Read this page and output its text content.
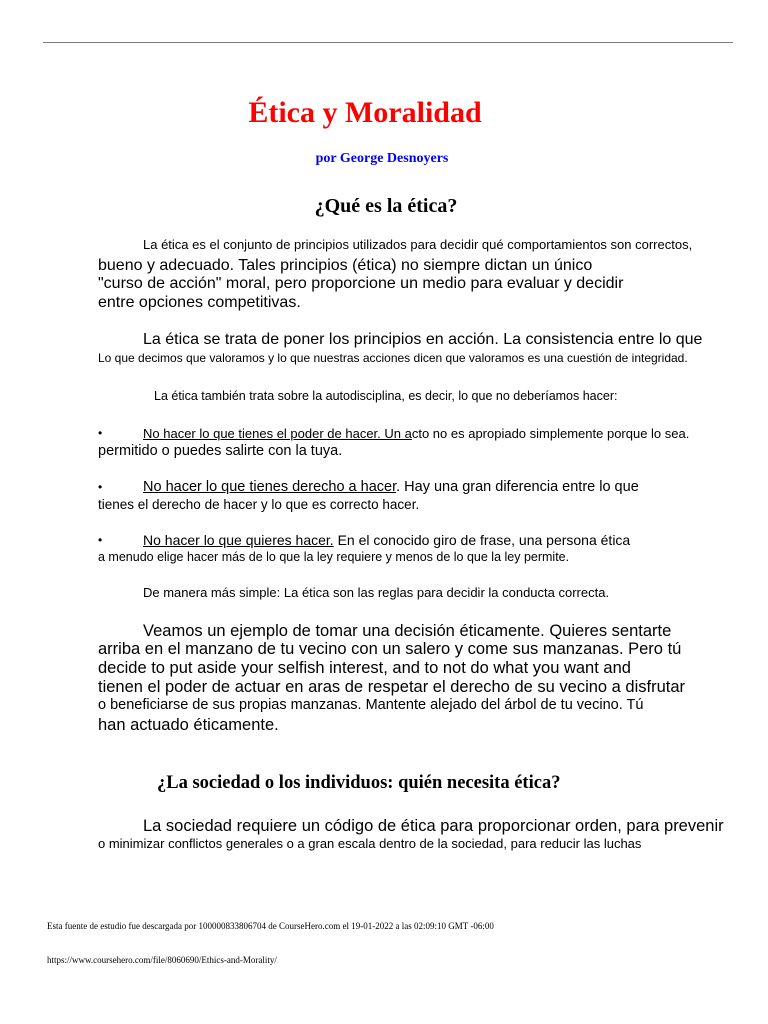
Ética y Moralidad
por George Desnoyers
¿Qué es la ética?
La ética es el conjunto de principios utilizados para decidir qué comportamientos son correctos,
bueno y adecuado. Tales principios (ética) no siempre dictan un único
"curso de acción" moral, pero proporcione un medio para evaluar y decidir
entre opciones competitivas.
La ética se trata de poner los principios en acción. La consistencia entre lo que
Lo que decimos que valoramos y lo que nuestras acciones dicen que valoramos es una cuestión de integridad.
La ética también trata sobre la autodisciplina, es decir, lo que no deberíamos hacer:
•	No hacer lo que tienes el poder de hacer. Un acto no es apropiado simplemente porque lo sea.
permitido o puedes salirte con la tuya.
•	No hacer lo que tienes derecho a hacer. Hay una gran diferencia entre lo que
tienes el derecho de hacer y lo que es correcto hacer.
•	No hacer lo que quieres hacer. En el conocido giro de frase, una persona ética
a menudo elige hacer más de lo que la ley requiere y menos de lo que la ley permite.
De manera más simple: La ética son las reglas para decidir la conducta correcta.
Veamos un ejemplo de tomar una decisión éticamente. Quieres sentarte
arriba en el manzano de tu vecino con un salero y come sus manzanas. Pero tú
decide to put aside your selfish interest, and to not do what you want and
tienen el poder de actuar en aras de respetar el derecho de su vecino a disfrutar
o beneficiarse de sus propias manzanas. Mantente alejado del árbol de tu vecino. Tú
han actuado éticamente.
¿La sociedad o los individuos: quién necesita ética?
La sociedad requiere un código de ética para proporcionar orden, para prevenir
o minimizar conflictos generales o a gran escala dentro de la sociedad, para reducir las luchas
Esta fuente de estudio fue descargada por 100000833806704 de CourseHero.com el 19-01-2022 a las 02:09:10 GMT -06:00
https://www.coursehero.com/file/8060690/Ethics-and-Morality/
